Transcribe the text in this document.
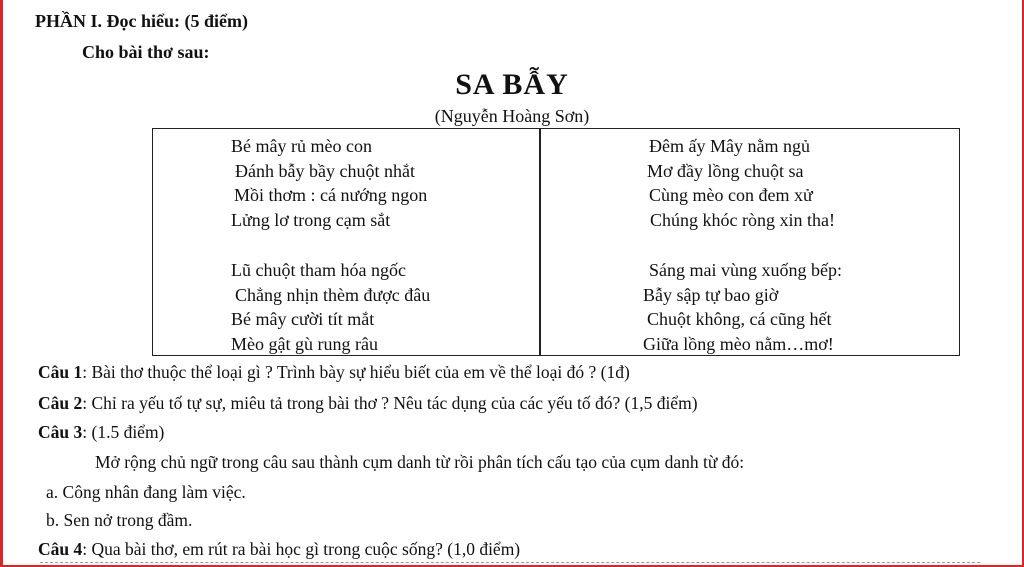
PHẦN I. Đọc hiểu: (5 điểm)
Cho bài thơ sau:
SA BẪY
(Nguyễn Hoàng Sơn)
Bé mây rủ mèo con
Đánh bẫy bầy chuột nhắt
Mồi thơm : cá nướng ngon
Lửng lơ trong cạm sắt
Lũ chuột tham hóa ngốc
Chẳng nhịn thèm được đâu
Bé mây cười tít mắt
Mèo gật gù rung râu
Đêm ấy Mây nằm ngủ
Mơ đầy lồng chuột sa
Cùng mèo con đem xử
Chúng khóc ròng xin tha!
Sáng mai vùng xuống bếp:
Bẫy sập tự bao giờ
Chuột không, cá cũng hết
Giữa lồng mèo nằm…mơ!
Câu 1: Bài thơ thuộc thể loại gì ? Trình bày sự hiểu biết của em về thể loại đó ? (1đ)
Câu 2: Chỉ ra yếu tố tự sự, miêu tả trong bài thơ ? Nêu tác dụng của các yếu tố đó? (1,5 điểm)
Câu 3: (1.5 điểm)
Mở rộng chủ ngữ trong câu sau thành cụm danh từ rồi phân tích cấu tạo của cụm danh từ đó:
a. Công nhân đang làm việc.
b. Sen nở trong đầm.
Câu 4: Qua bài thơ, em rút ra bài học gì trong cuộc sống? (1,0 điểm)
